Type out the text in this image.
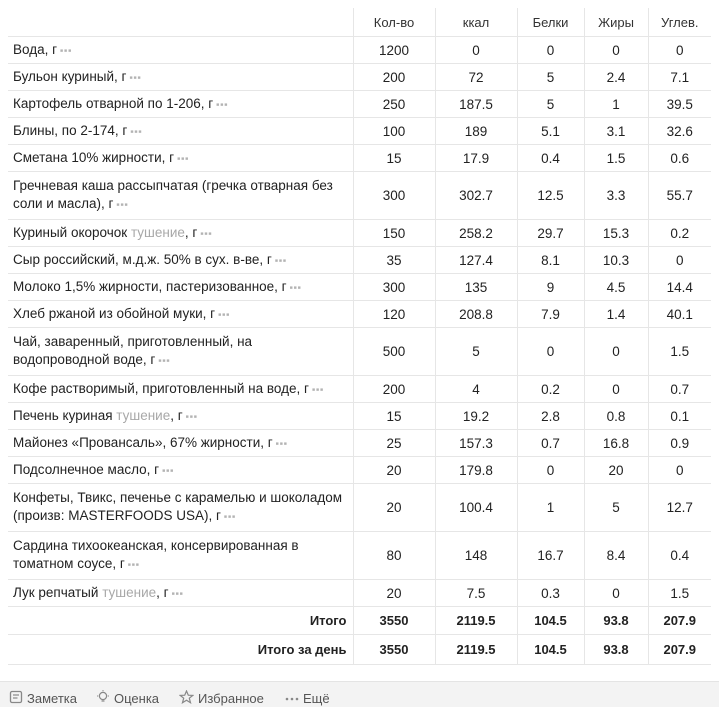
	Кол-во	ккал	Белки	Жиры	Углев.
Вода, г ■■■	1200	0	0	0	0
Бульон куриный, г ■■■	200	72	5	2.4	7.1
Картофель отварной по 1-206, г ■■■	250	187.5	5	1	39.5
Блины, по 2-174, г ■■■	100	189	5.1	3.1	32.6
Сметана 10% жирности, г ■■■	15	17.9	0.4	1.5	0.6
Гречневая каша рассыпчатая (гречка отварная без соли и масла), г ■■■	300	302.7	12.5	3.3	55.7
Куриный окорочок тушение, г ■■■	150	258.2	29.7	15.3	0.2
Сыр российский, м.д.ж. 50% в сух. в-ве, г ■■■	35	127.4	8.1	10.3	0
Молоко 1,5% жирности, пастеризованное, г ■■■	300	135	9	4.5	14.4
Хлеб ржаной из обойной муки, г ■■■	120	208.8	7.9	1.4	40.1
Чай, заваренный, приготовленный, на водопроводной воде, г ■■■	500	5	0	0	1.5
Кофе растворимый, приготовленный на воде, г ■■■	200	4	0.2	0	0.7
Печень куриная тушение, г ■■■	15	19.2	2.8	0.8	0.1
Майонез «Провансаль», 67% жирности, г ■■■	25	157.3	0.7	16.8	0.9
Подсолнечное масло, г ■■■	20	179.8	0	20	0
Конфеты, Твикс, печенье с карамелью и шоколадом (произв: MASTERFOODS USA), г ■■■	20	100.4	1	5	12.7
Сардина тихоокеанская, консервированная в томатном соусе, г ■■■	80	148	16.7	8.4	0.4
Лук репчатый тушение, г ■■■	20	7.5	0.3	0	1.5
Итого	3550	2119.5	104.5	93.8	207.9
Итого за день	3550	2119.5	104.5	93.8	207.9
Заметка	Оценка	Избранное	Ещё
